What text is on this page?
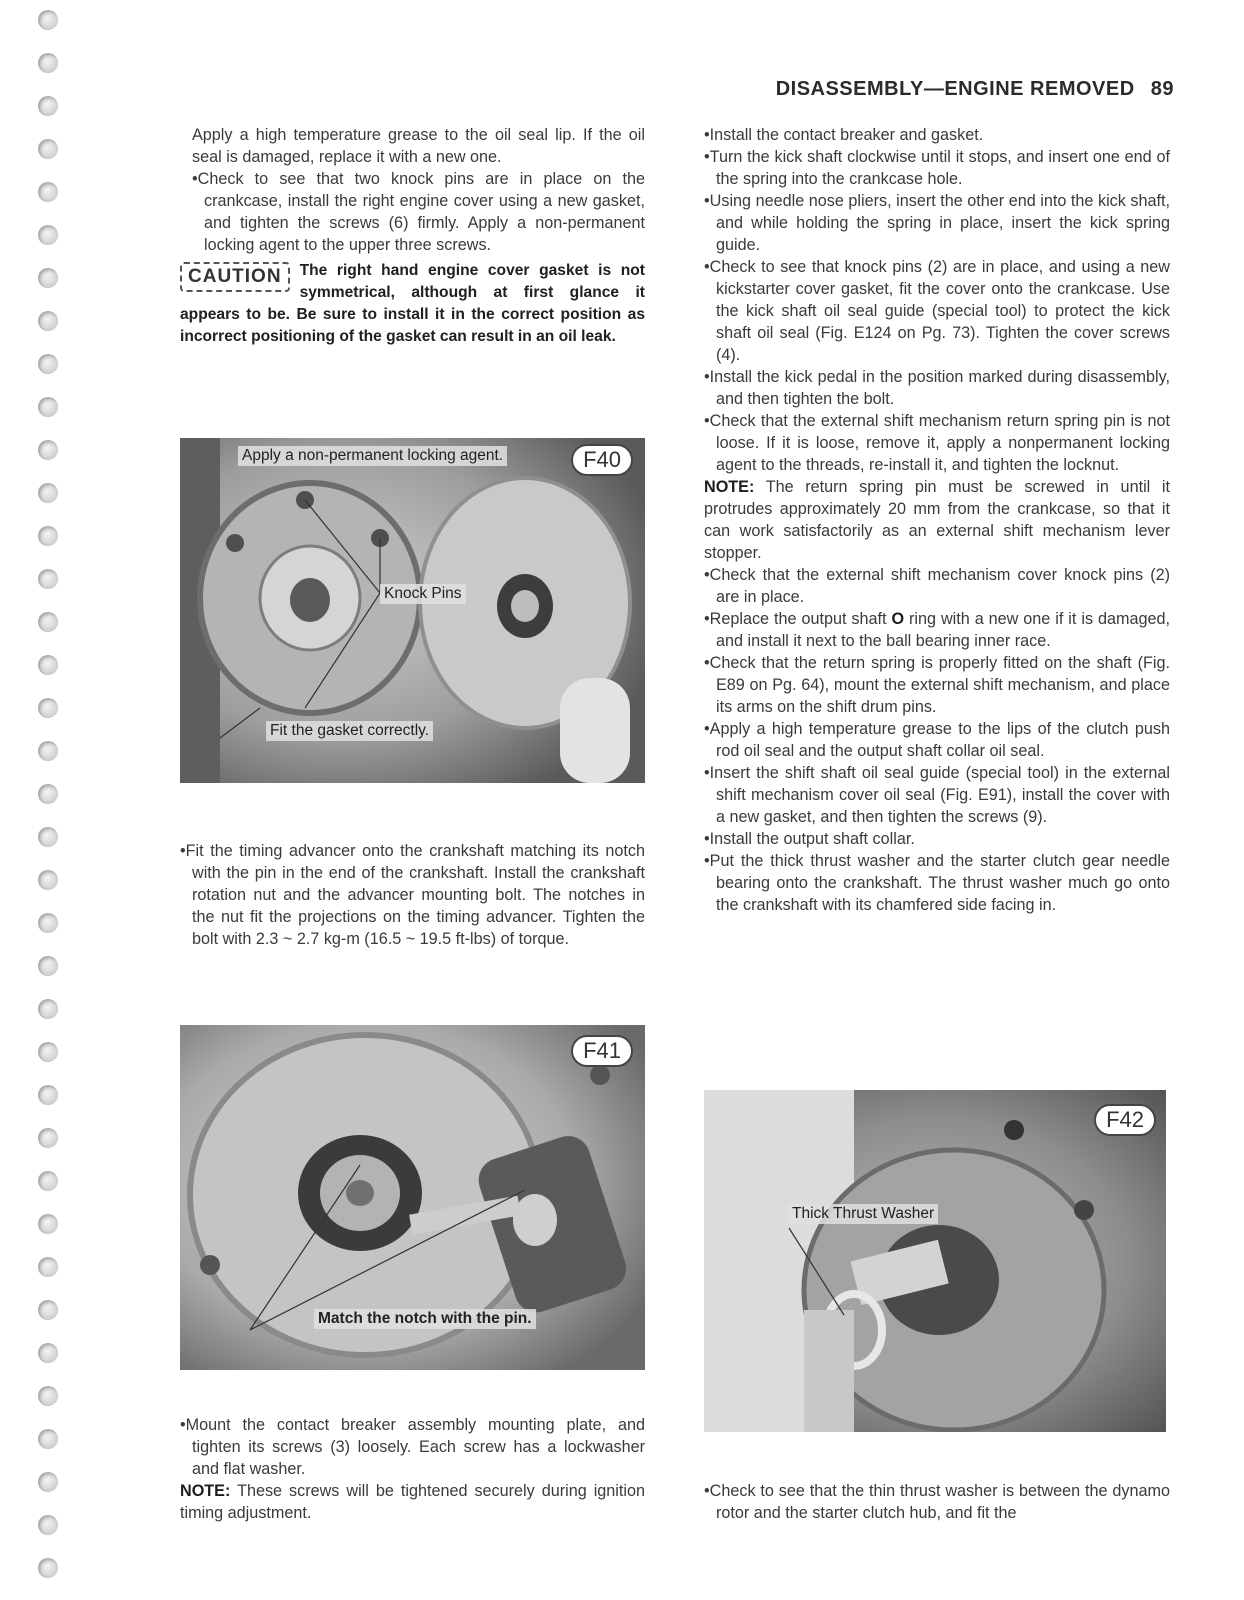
DISASSEMBLY—ENGINE REMOVED 89

Apply a high temperature grease to the oil seal lip. If the oil seal is damaged, replace it with a new one.

•Check to see that two knock pins are in place on the crankcase, install the right engine cover using a new gasket, and tighten the screws (6) firmly. Apply a non-permanent locking agent to the upper three screws.

CAUTION	The right hand engine cover gasket is not symmetrical, although at first glance it appears to be. Be sure to install it in the correct position as incorrect positioning of the gasket can result in an oil leak.
Apply a non-permanent locking agent.	F40
Knock Pins
Fit the gasket correctly.

•Fit the timing advancer onto the crankshaft matching its notch with the pin in the end of the crankshaft. Install the crankshaft rotation nut and the advancer mounting bolt. The notches in the nut fit the projections on the timing advancer. Tighten the bolt with 2.3 ~ 2.7 kg-m (16.5 ~ 19.5 ft-lbs) of torque.

F41
Match the notch with the pin.

•Mount the contact breaker assembly mounting plate, and tighten its screws (3) loosely. Each screw has a lockwasher and flat washer.

NOTE: These screws will be tightened securely during ignition timing adjustment.

•Install the contact breaker and gasket.

•Turn the kick shaft clockwise until it stops, and insert one end of the spring into the crankcase hole.

•Using needle nose pliers, insert the other end into the kick shaft, and while holding the spring in place, insert the kick spring guide.

•Check to see that knock pins (2) are in place, and using a new kickstarter cover gasket, fit the cover onto the crankcase. Use the kick shaft oil seal guide (special tool) to protect the kick shaft oil seal (Fig. E124 on Pg. 73). Tighten the cover screws (4).

•Install the kick pedal in the position marked during disassembly, and then tighten the bolt.

•Check that the external shift mechanism return spring pin is not loose. If it is loose, remove it, apply a nonpermanent locking agent to the threads, re-install it, and tighten the locknut.

NOTE: The return spring pin must be screwed in until it protrudes approximately 20 mm from the crankcase, so that it can work satisfactorily as an external shift mechanism lever stopper.

•Check that the external shift mechanism cover knock pins (2) are in place.

•Replace the output shaft O ring with a new one if it is damaged, and install it next to the ball bearing inner race.

•Check that the return spring is properly fitted on the shaft (Fig. E89 on Pg. 64), mount the external shift mechanism, and place its arms on the shift drum pins.

•Apply a high temperature grease to the lips of the clutch push rod oil seal and the output shaft collar oil seal.

•Insert the shift shaft oil seal guide (special tool) in the external shift mechanism cover oil seal (Fig. E91), install the cover with a new gasket, and then tighten the screws (9).

•Install the output shaft collar.

•Put the thick thrust washer and the starter clutch gear needle bearing onto the crankshaft. The thrust washer much go onto the crankshaft with its chamfered side facing in.

F42
Thick Thrust Washer

•Check to see that the thin thrust washer is between the dynamo rotor and the starter clutch hub, and fit the
